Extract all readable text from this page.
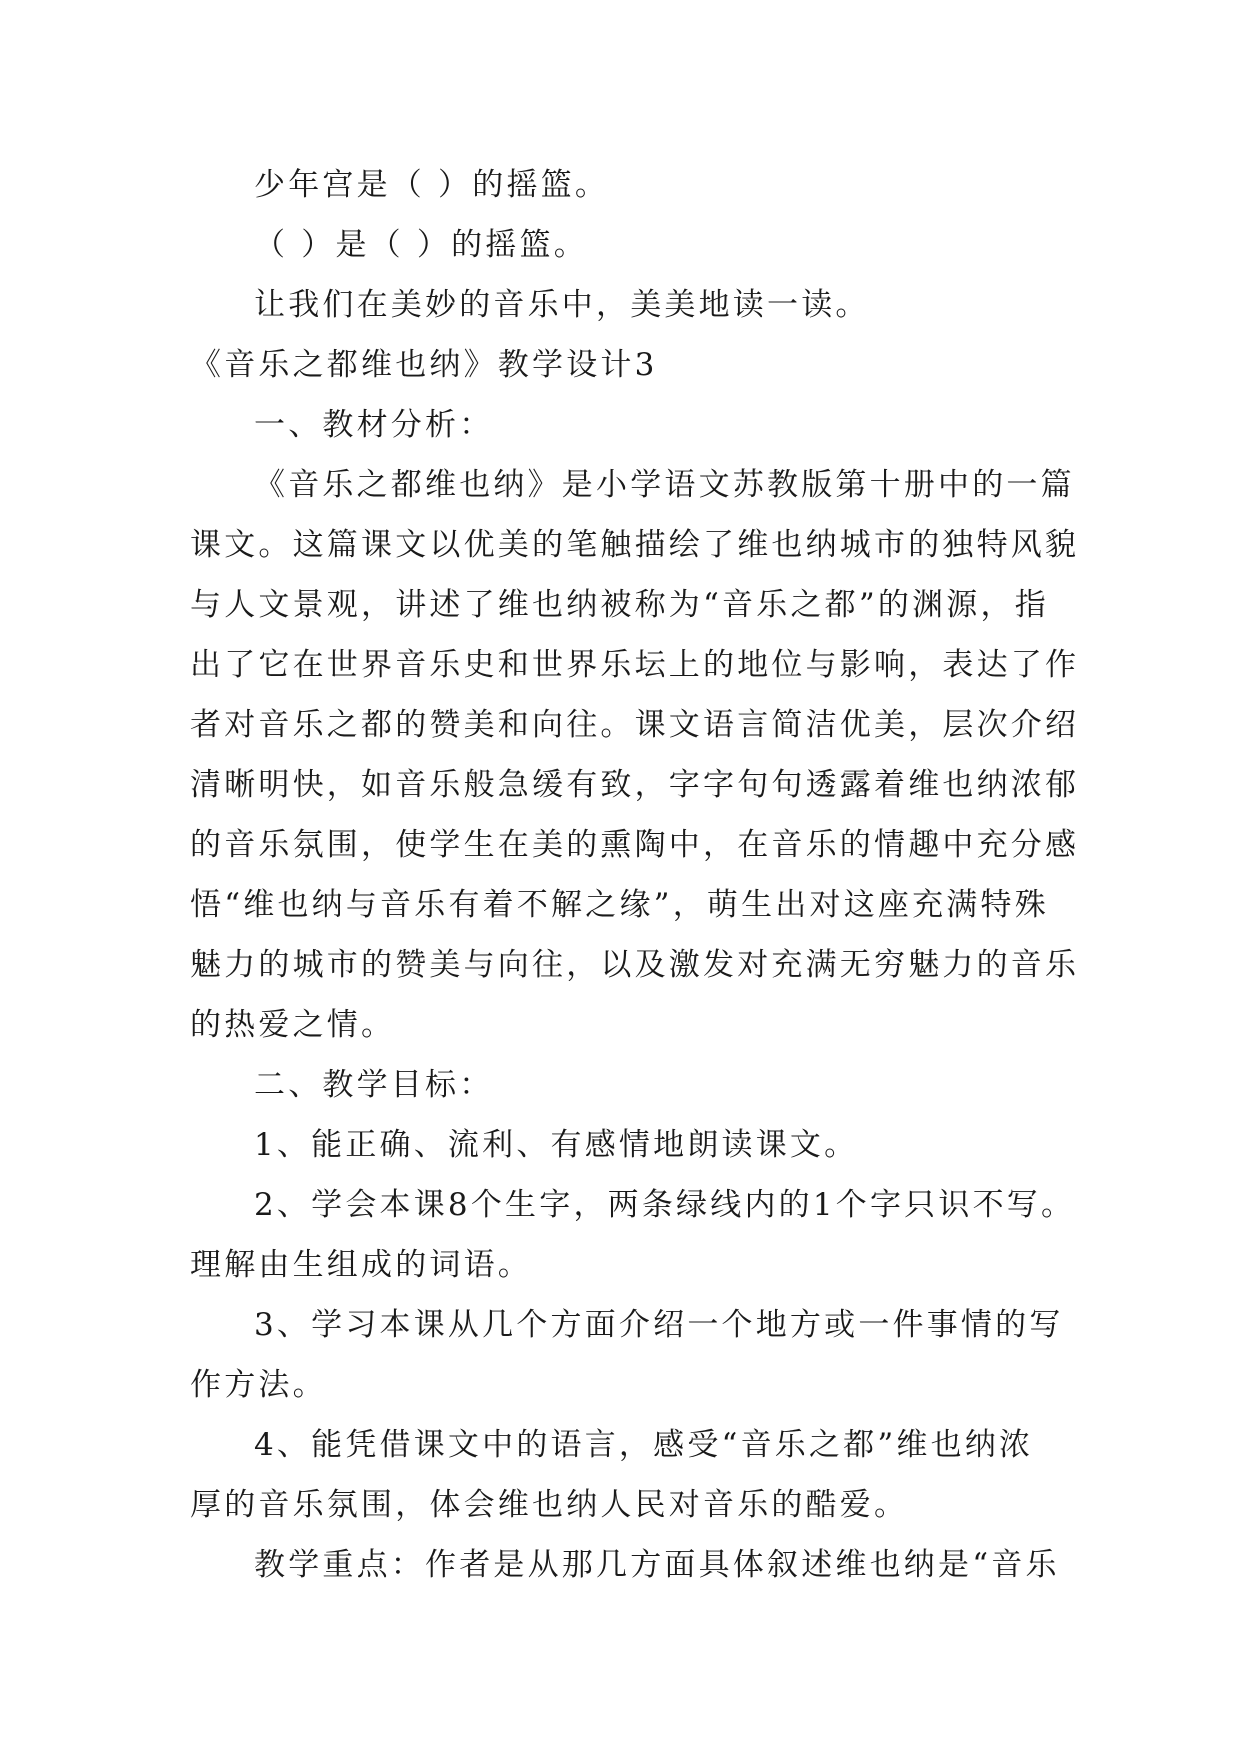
少年宫是（ ）的摇篮。
（ ）是（ ）的摇篮。
让我们在美妙的音乐中，美美地读一读。
《音乐之都维也纳》教学设计3
一、教材分析：
《音乐之都维也纳》是小学语文苏教版第十册中的一篇
课文。这篇课文以优美的笔触描绘了维也纳城市的独特风貌
与人文景观，讲述了维也纳被称为“音乐之都”的渊源，指
出了它在世界音乐史和世界乐坛上的地位与影响，表达了作
者对音乐之都的赞美和向往。课文语言简洁优美，层次介绍
清晰明快，如音乐般急缓有致，字字句句透露着维也纳浓郁
的音乐氛围，使学生在美的熏陶中，在音乐的情趣中充分感
悟“维也纳与音乐有着不解之缘”，萌生出对这座充满特殊
魅力的城市的赞美与向往，以及激发对充满无穷魅力的音乐
的热爱之情。
二、教学目标：
1、能正确、流利、有感情地朗读课文。
2、学会本课8个生字，两条绿线内的1个字只识不写。
理解由生组成的词语。
3、学习本课从几个方面介绍一个地方或一件事情的写
作方法。
4、能凭借课文中的语言，感受“音乐之都”维也纳浓
厚的音乐氛围，体会维也纳人民对音乐的酷爱。
教学重点：作者是从那几方面具体叙述维也纳是“音乐
